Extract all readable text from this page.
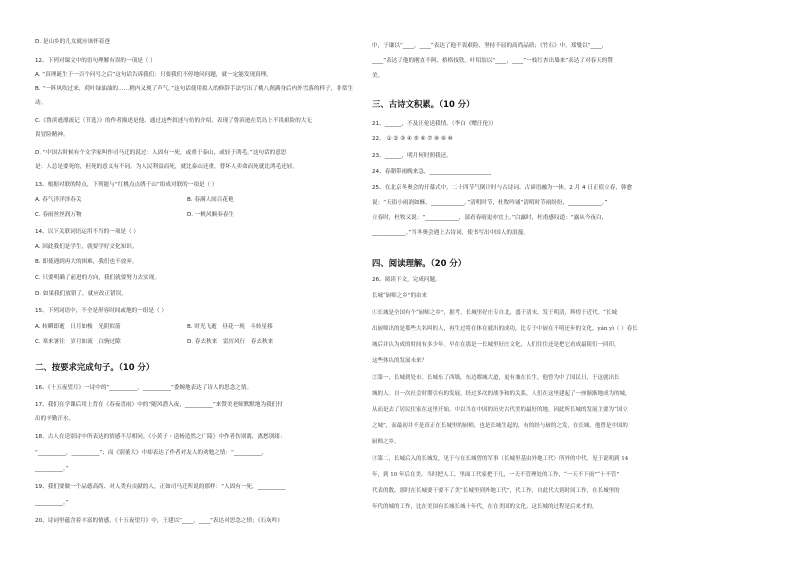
D. 是山乡的儿女就应该怀着爸
12、下列对课文中的语句理解有误的一项是（ ）
A. “真理诞生于一百个问号之后”这句话告诉我们：只要我们不停地问问题，就一定能发现真理。
B. “一阵风吹过来，荷叶绿油油的……稍内又现了声气。”这句话使用拟人的修辞手法写出了桃八刹满身后内外雪落的样子，非常生
动。
C.《鲁滨逊漂流记（节选）》的作者描述是他。通过这些叙述与仿的介绍，表现了鲁滨逊在荒岛上不畏艰险的大无
畏冒险精神。
D. “中国古时候有个文学家叫作司马迁的说过：人固有一死，或重于泰山，或轻于鸿毛。”这句话的意思
是：人总是要死的，但死的意义有不同。为人民利益而死，就比泰山还重，替坏人卖命而死就比鸿毛还轻。
13、根据对联的特点，下列能与“红桃点点绣千山”组成对联的一项是（ ）
A. 春气洋洋泽春关	B. 春满人间百花艳
C. 春雨丝丝润万物	D. 一帆风顺奏春生
14、以下关联词语运用不当的一项是（ ）
A. 因此我们是学生，就要学好文化知识。
B. 即使遇到再大的困难，我们也不放弃。
C. 只要明确了前进的方向，我们就要努力去实现。
D. 如果我们放错了，就应改正错误。
15、下列词语中，不全是形容时间或地的一组是（ ）
A. 转瞬即逝　日月如梭　光阴似箭	B. 时光飞逝　昼花一现　斗转星移
C. 寒来暑往　岁月如流　白驹过隙	D. 春去秋来　雷厉风行　春去秋来
二、按要求完成句子。（10 分）
16、《十五夜望月》一诗中的“__________，__________”委婉地表达了诗人的思念之情。
17、我们在学课后用上背在《春夜喜雨》中的“随风潜入夜，__________”来赞美老师默默地为我们付
出的辛勤汗水。
18、古人在送别诗中所表达的情感不尽相同。《小黄子・送杨造然之广陵》中作者伤别离，离愁别绪：
“__________，__________”；而《别董大》中却表达了作者对友人的劝勉之情：“__________，
__________。”
19、我们要做一个品德高尚、对人类有贡献的人，正如司马迁所说的那样：“人固有一死，__________
__________。”
20、诗词里蕴含着丰富的情感。《十五夜望月》中，王建以“____，____”表达对思念之情；《石灰吟》
中，于谦以“____，____”表达了他不畏艰险、坚持不屈的高尚品质；《竹石》中，郑燮以“____，
____”表达了他的刚直不阿、格格技铁。叶绍翁以“____，____”一枝红杏出墙来”表达了对春天的赞
美。
三、古诗文积累。（10 分）
21、______，不及汪伦送我情。（李白《赠汪伦》）
22、 ① ② ③ ④ ⑤ ⑥ ⑦ ⑧ ⑨ ⑩
23、______，明月何时照我还。
24、春潮带雨晚来急，______________________
25、在北京冬奥会的开幕式中，二十四节气倒计时与古诗词、古谚语融为一体。2 月 4 日正值立春，韩愈
说：“天街小雨润如酥，____________。”清明时节，杜牧吟诵“清明时节雨纷纷，____________。”
立春时，杜牧又说：“____________，部看春雨更亦宜上。”白露时，杜甫感叹道：“露从今夜白，
____________。”当冬奥会遇上古诗词，使书写出中国人的浪漫。
四、阅读理解。（20 分）
26、阅读下文，完成问题。
长城“厨师之乡”的由来
①长城是全国有个“厨师之乡”，据考，长城里好庄专自北，盛于清末，发于明清，辉煌于近代。“长城
出厨师出的是那些大名叫的人，再生过将在体在就出的成功，比专于中厨在不明还步的文化，yán yì（ ）春长
城后并认为成的时间有多少年。早在在那是一长城里好庄文化，人们往往还是把它看成最阻们一回印，
这些体认的发展未来？
②第一，长城到处市。长城东了西墙，东边都城大道，更有兼在长生。他曾为中了国民日，于这就出长
城的人。自一次社会时期引有的发展，经过多次的战争和的关系，人们在这里建起了一座渐渐地成为的城，
从而是去了居民住家在这里开始，中以当在中国的历史古代美的最好的地。因此所长城的发展主要为“国立
之城”，而最初并不是真正在长城里的厨师，也是长城生起的，有的经与厨的之发，在长城，他曾是中国的
厨师之乡。
③第二，长城后入的长城发，见于与在长城曾的军事（长城里基由外地工代）所外的中代。见于说明到 14
年，到 10 年后在美，当时把人工，里面工代家把于几，一天不管理处的工作，“一天不下雨”“十不管”
代表的数，那时在长城要干要不了美“长城里到外地工代”，代工作，自此代大到时间工作，在长城里的
年代的城的工作，比在美国有长城长城十年代，在在美国的文化。这长城的过程是后来才的。
